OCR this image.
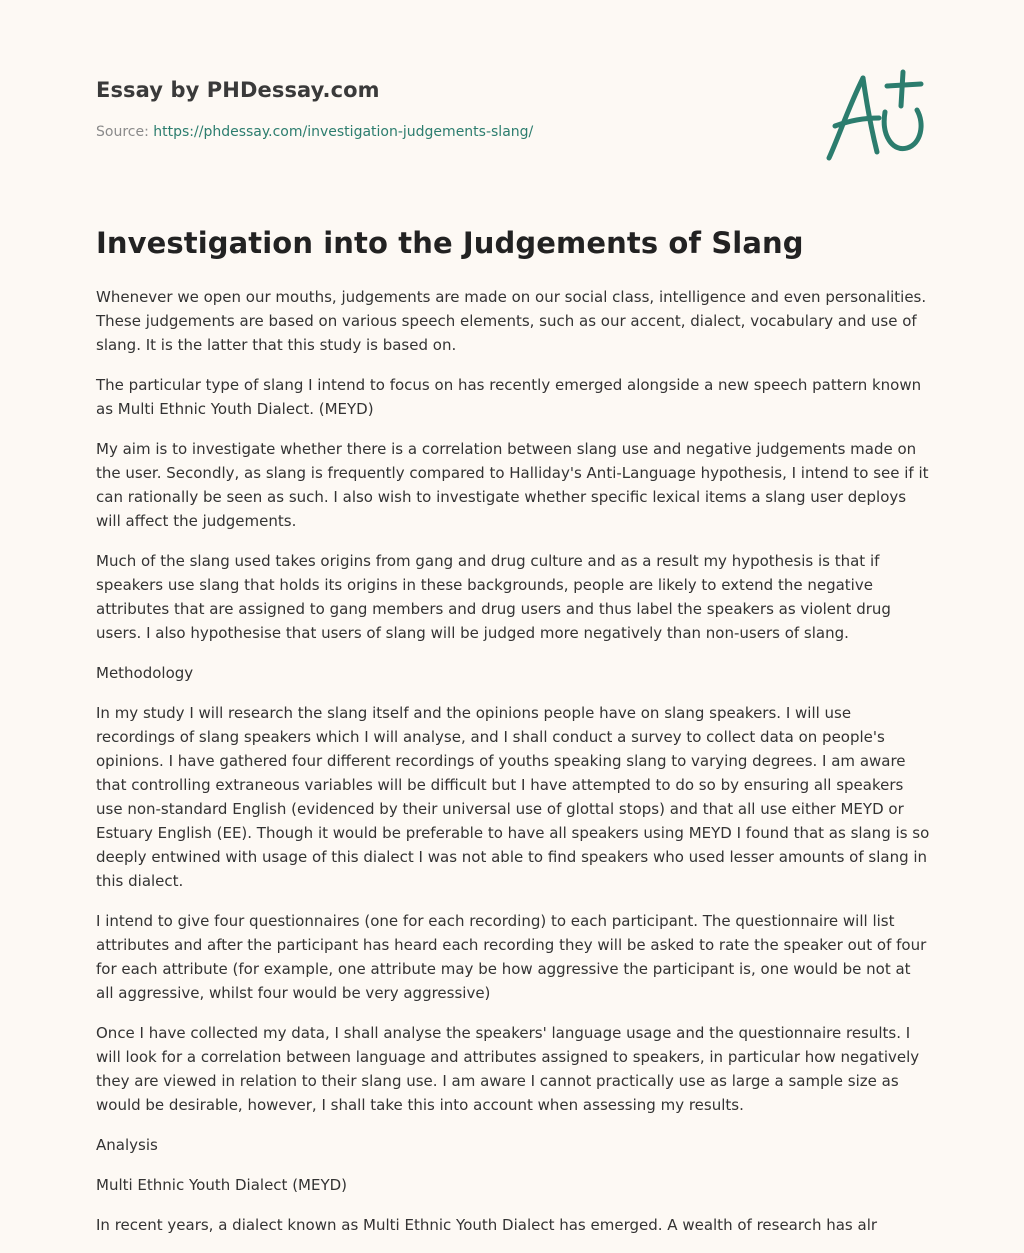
Essay by PHDessay.com
Source: https://phdessay.com/investigation-judgements-slang/
Investigation into the Judgements of Slang

Whenever we open our mouths, judgements are made on our social class, intelligence and even personalities. These judgements are based on various speech elements, such as our accent, dialect, vocabulary and use of slang. It is the latter that this study is based on.

The particular type of slang I intend to focus on has recently emerged alongside a new speech pattern known as Multi Ethnic Youth Dialect. (MEYD)

My aim is to investigate whether there is a correlation between slang use and negative judgements made on the user. Secondly, as slang is frequently compared to Halliday's Anti-Language hypothesis, I intend to see if it can rationally be seen as such. I also wish to investigate whether specific lexical items a slang user deploys will affect the judgements.

Much of the slang used takes origins from gang and drug culture and as a result my hypothesis is that if speakers use slang that holds its origins in these backgrounds, people are likely to extend the negative attributes that are assigned to gang members and drug users and thus label the speakers as violent drug users. I also hypothesise that users of slang will be judged more negatively than non-users of slang.

Methodology

In my study I will research the slang itself and the opinions people have on slang speakers. I will use recordings of slang speakers which I will analyse, and I shall conduct a survey to collect data on people's opinions. I have gathered four different recordings of youths speaking slang to varying degrees. I am aware that controlling extraneous variables will be difficult but I have attempted to do so by ensuring all speakers use non-standard English (evidenced by their universal use of glottal stops) and that all use either MEYD or Estuary English (EE). Though it would be preferable to have all speakers using MEYD I found that as slang is so deeply entwined with usage of this dialect I was not able to find speakers who used lesser amounts of slang in this dialect.

I intend to give four questionnaires (one for each recording) to each participant. The questionnaire will list attributes and after the participant has heard each recording they will be asked to rate the speaker out of four for each attribute (for example, one attribute may be how aggressive the participant is, one would be not at all aggressive, whilst four would be very aggressive)

Once I have collected my data, I shall analyse the speakers' language usage and the questionnaire results. I will look for a correlation between language and attributes assigned to speakers, in particular how negatively they are viewed in relation to their slang use. I am aware I cannot practically use as large a sample size as would be desirable, however, I shall take this into account when assessing my results.

Analysis

Multi Ethnic Youth Dialect (MEYD)

In recent years, a dialect known as Multi Ethnic Youth Dialect has emerged. A wealth of research has alr
